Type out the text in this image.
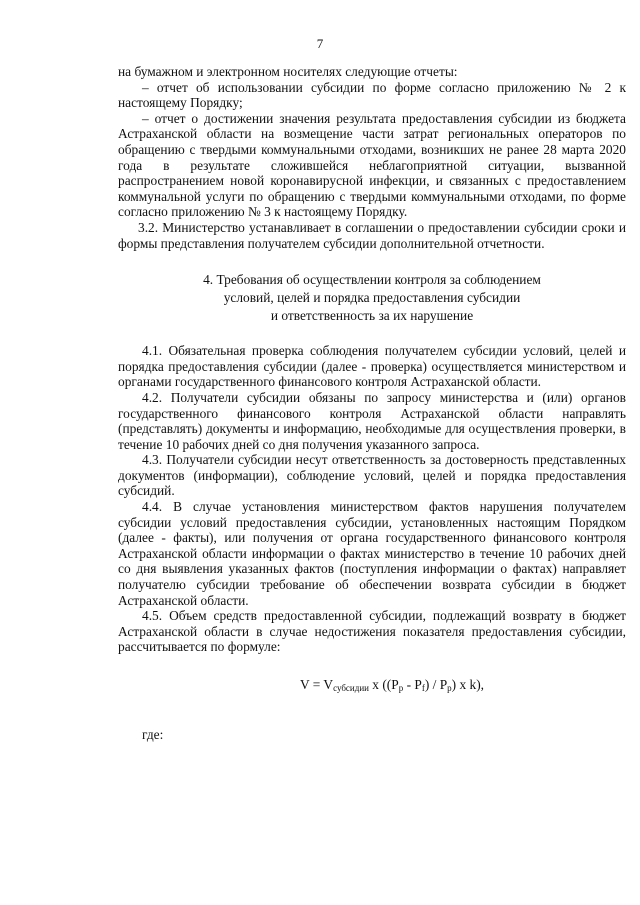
7

на бумажном и электронном носителях следующие отчеты:

– отчет об использовании субсидии по форме согласно приложению № 2 к настоящему Порядку;

– отчет о достижении значения результата предоставления субсидии из бюджета Астраханской области на возмещение части затрат региональных операторов по обращению с твердыми коммунальными отходами, возникших не ранее 28 марта 2020 года в результате сложившейся неблагоприятной ситуации, вызванной распространением новой коронавирусной инфекции, и связанных с предоставлением коммунальной услуги по обращению с твердыми коммунальными отходами, по форме согласно приложению № 3 к настоящему Порядку.

3.2. Министерство устанавливает в соглашении о предоставлении субсидии сроки и формы представления получателем субсидии дополнительной отчетности.

4. Требования об осуществлении контроля за соблюдением
условий, целей и порядка предоставления субсидии
и ответственность за их нарушение

4.1. Обязательная проверка соблюдения получателем субсидии условий, целей и порядка предоставления субсидии (далее - проверка) осуществляется министерством и органами государственного финансового контроля Астраханской области.

4.2. Получатели субсидии обязаны по запросу министерства и (или) органов государственного финансового контроля Астраханской области направлять (представлять) документы и информацию, необходимые для осуществления проверки, в течение 10 рабочих дней со дня получения указанного запроса.

4.3. Получатели субсидии несут ответственность за достоверность представленных документов (информации), соблюдение условий, целей и порядка предоставления субсидий.

4.4. В случае установления министерством фактов нарушения получателем субсидии условий предоставления субсидии, установленных настоящим Порядком (далее - факты), или получения от органа государственного финансового контроля Астраханской области информации о фактах министерство в течение 10 рабочих дней со дня выявления указанных фактов (поступления информации о фактах) направляет получателю субсидии требование об обеспечении возврата субсидии в бюджет Астраханской области.

4.5. Объем средств предоставленной субсидии, подлежащий возврату в бюджет Астраханской области в случае недостижения показателя предоставления субсидии, рассчитывается по формуле:

$V = V_{субсидии}$ x $((P_p - P_f) / P_p)$ x k),

где:
